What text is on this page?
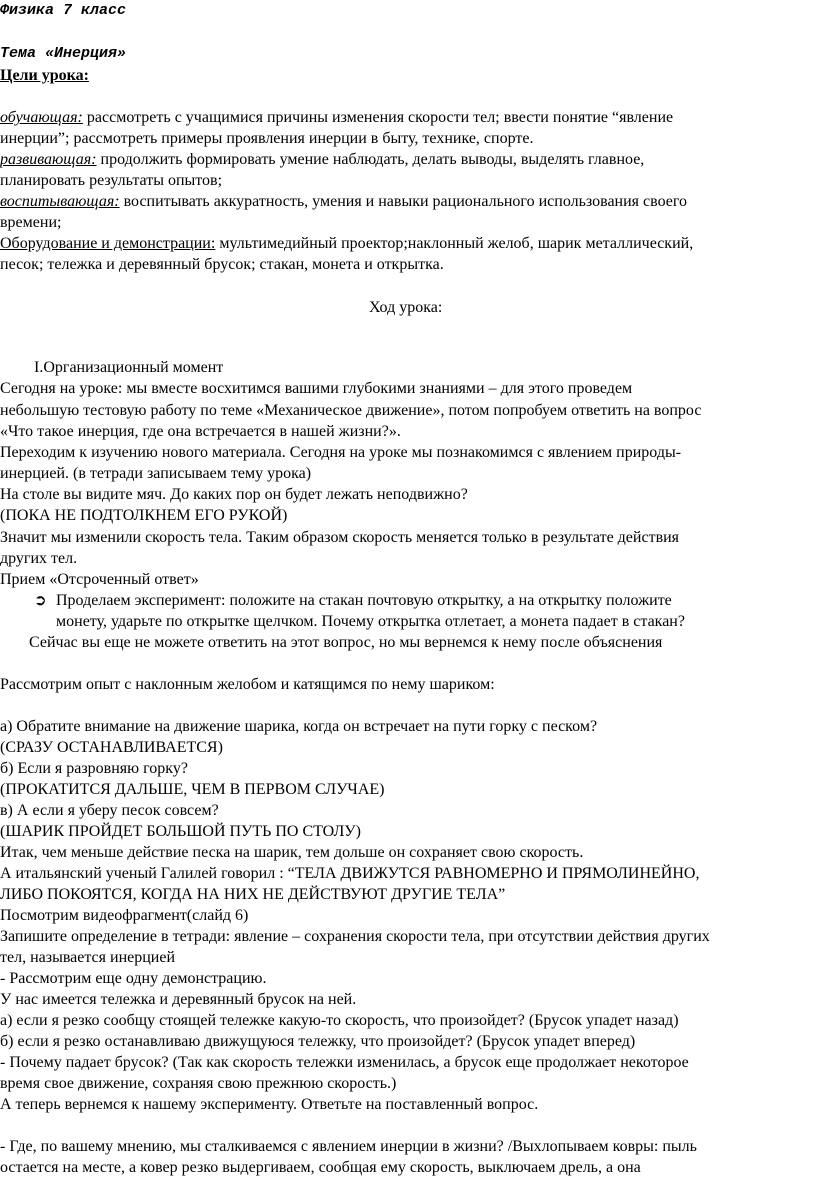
Физика 7 класс
Тема «Инерция»
Цели урока:
обучающая: рассмотреть с учащимися причины изменения скорости тел; ввести понятие “явление
инерции”; рассмотреть примеры проявления инерции в быту, технике, спорте.
развивающая: продолжить формировать умение наблюдать, делать выводы, выделять главное,
планировать результаты опытов;
воспитывающая: воспитывать аккуратность, умения и навыки рационального использования своего
времени;
Оборудование и демонстрации: мультимедийный проектор;наклонный желоб, шарик металлический,
песок; тележка и деревянный брусок; стакан, монета и открытка.
Ход урока:
I.Организационный момент
Сегодня на уроке: мы вместе восхитимся вашими глубокими знаниями – для этого проведем
небольшую тестовую работу по теме «Механическое движение», потом попробуем ответить на вопрос
«Что такое инерция, где она встречается в нашей жизни?».
Переходим к изучению нового материала. Сегодня на уроке мы познакомимся с явлением природы-
инерцией. (в тетради записываем тему урока)
На столе вы видите мяч. До каких пор он будет лежать неподвижно?
(ПОКА НЕ ПОДТОЛКНЕМ ЕГО РУКОЙ)
Значит мы изменили скорость тела. Таким образом скорость меняется только в результате действия
других тел.
Прием «Отсроченный ответ»
➲ Проделаем эксперимент: положите на стакан почтовую открытку, а на открытку положите
монету, ударьте по открытке щелчком. Почему открытка отлетает, а монета падает в стакан?
Сейчас вы еще не можете ответить на этот вопрос, но мы вернемся к нему после объяснения
Рассмотрим опыт с наклонным желобом и катящимся по нему шариком:
а) Обратите внимание на движение шарика, когда он встречает на пути горку с песком?
(СРАЗУ ОСТАНАВЛИВАЕТСЯ)
б) Если я разровняю горку?
(ПРОКАТИТСЯ ДАЛЬШЕ, ЧЕМ В ПЕРВОМ СЛУЧАЕ)
в) А если я уберу песок совсем?
(ШАРИК ПРОЙДЕТ БОЛЬШОЙ ПУТЬ ПО СТОЛУ)
Итак, чем меньше действие песка на шарик, тем дольше он сохраняет свою скорость.
А итальянский ученый Галилей говорил : “ТЕЛА ДВИЖУТСЯ РАВНОМЕРНО И ПРЯМОЛИНЕЙНО,
ЛИБО ПОКОЯТСЯ, КОГДА НА НИХ НЕ ДЕЙСТВУЮТ ДРУГИЕ ТЕЛА”
Посмотрим видеофрагмент(слайд 6)
Запишите определение в тетради: явление – сохранения скорости тела, при отсутствии действия других
тел, называется инерцией
- Рассмотрим еще одну демонстрацию.
У нас имеется тележка и деревянный брусок на ней.
а) если я резко сообщу стоящей тележке какую-то скорость, что произойдет? (Брусок упадет назад)
б) если я резко останавливаю движущуюся тележку, что произойдет? (Брусок упадет вперед)
- Почему падает брусок? (Так как скорость тележки изменилась, а брусок еще продолжает некоторое
время свое движение, сохраняя свою прежнюю скорость.)
А теперь вернемся к нашему эксперименту. Ответьте на поставленный вопрос.
- Где, по вашему мнению, мы сталкиваемся с явлением инерции в жизни? /Выхлопываем ковры: пыль
остается на месте, а ковер резко выдергиваем, сообщая ему скорость, выключаем дрель, а она
